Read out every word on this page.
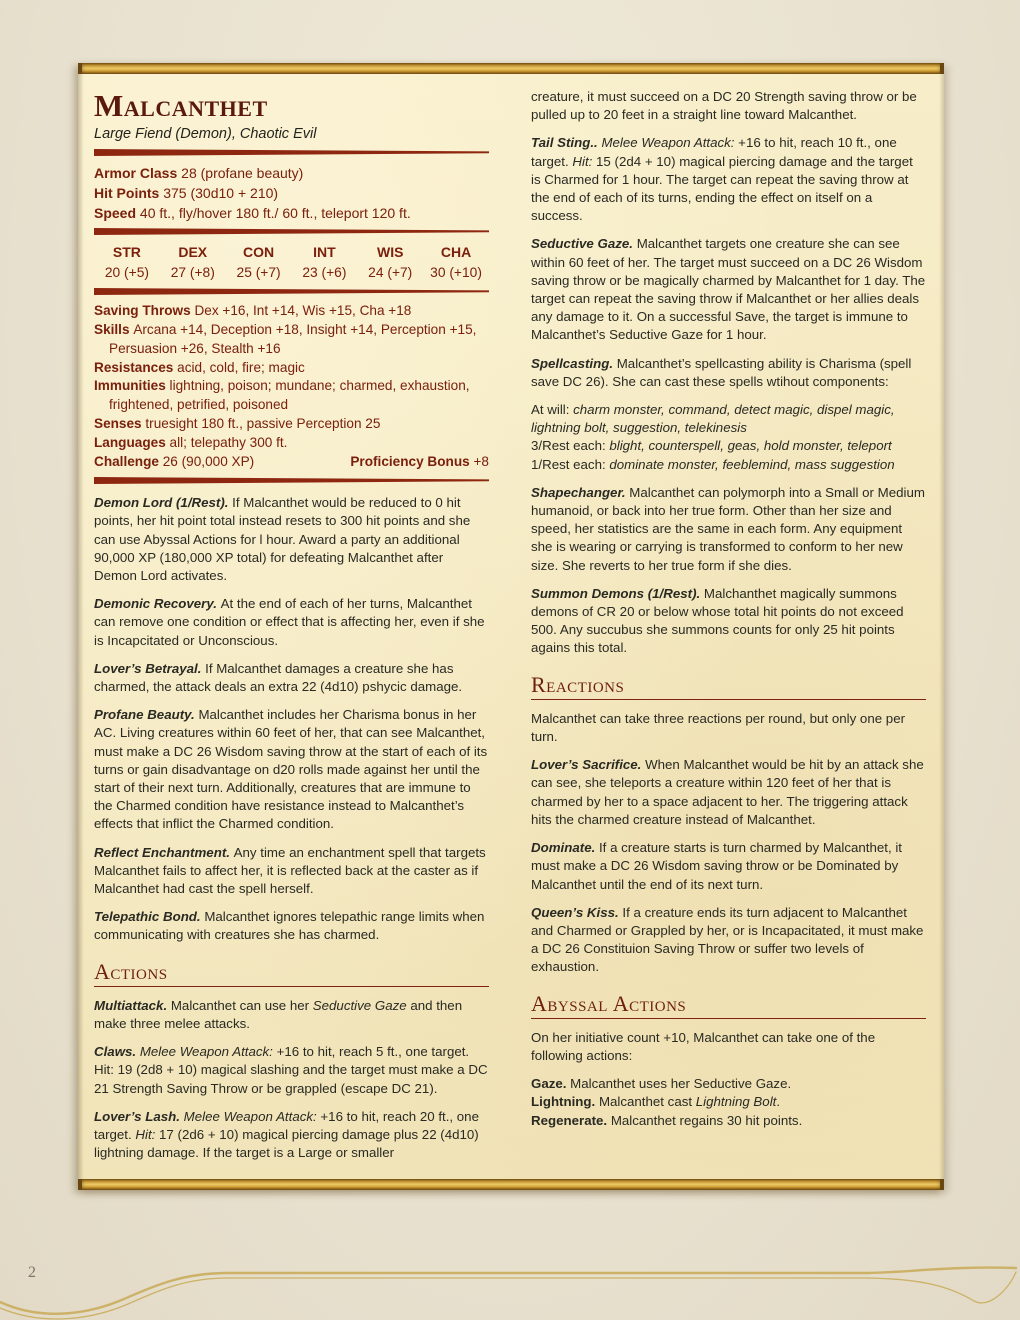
Malcanthet
Large Fiend (Demon), Chaotic Evil
Armor Class 28 (profane beauty)
Hit Points 375 (30d10 + 210)
Speed 40 ft., fly/hover 180 ft./ 60 ft., teleport 120 ft.
STR
20 (+5)
DEX
27 (+8)
CON
25 (+7)
INT
23 (+6)
WIS
24 (+7)
CHA
30 (+10)
Saving Throws Dex +16, Int +14, Wis +15, Cha +18
Skills Arcana +14, Deception +18, Insight +14, Perception +15, Persuasion +26, Stealth +16
Resistances acid, cold, fire; magic
Immunities lightning, poison; mundane; charmed, exhaustion, frightened, petrified, poisoned
Senses truesight 180 ft., passive Perception 25
Languages all; telepathy 300 ft.
Challenge 26 (90,000 XP)	Proficiency Bonus +8

Demon Lord (1/Rest). If Malcanthet would be reduced to 0 hit points, her hit point total instead resets to 300 hit points and she can use Abyssal Actions for l hour. Award a party an additional 90,000 XP (180,000 XP total) for defeating Malcanthet after Demon Lord activates.

Demonic Recovery. At the end of each of her turns, Malcanthet can remove one condition or effect that is affecting her, even if she is Incapcitated or Unconscious.

Lover’s Betrayal. If Malcanthet damages a creature she has charmed, the attack deals an extra 22 (4d10) pshycic damage.

Profane Beauty. Malcanthet includes her Charisma bonus in her AC. Living creatures within 60 feet of her, that can see Malcanthet, must make a DC 26 Wisdom saving throw at the start of each of its turns or gain disadvantage on d20 rolls made against her until the start of their next turn. Additionally, creatures that are immune to the Charmed condition have resistance instead to Malcanthet’s effects that inflict the Charmed condition.

Reflect Enchantment. Any time an enchantment spell that targets Malcanthet fails to affect her, it is reflected back at the caster as if Malcanthet had cast the spell herself.

Telepathic Bond. Malcanthet ignores telepathic range limits when communicating with creatures she has charmed.

Actions

Multiattack. Malcanthet can use her Seductive Gaze and then make three melee attacks.

Claws. Melee Weapon Attack: +16 to hit, reach 5 ft., one target. Hit: 19 (2d8 + 10) magical slashing and the target must make a DC 21 Strength Saving Throw or be grappled (escape DC 21).

Lover’s Lash. Melee Weapon Attack: +16 to hit, reach 20 ft., one target. Hit: 17 (2d6 + 10) magical piercing damage plus 22 (4d10) lightning damage. If the target is a Large or smaller

creature, it must succeed on a DC 20 Strength saving throw or be pulled up to 20 feet in a straight line toward Malcanthet.

Tail Sting.. Melee Weapon Attack: +16 to hit, reach 10 ft., one target. Hit: 15 (2d4 + 10) magical piercing damage and the target is Charmed for 1 hour. The target can repeat the saving throw at the end of each of its turns, ending the effect on itself on a success.

Seductive Gaze. Malcanthet targets one creature she can see within 60 feet of her. The target must succeed on a DC 26 Wisdom saving throw or be magically charmed by Malcanthet for 1 day. The target can repeat the saving throw if Malcanthet or her allies deals any damage to it. On a successful Save, the target is immune to Malcanthet’s Seductive Gaze for 1 hour.

Spellcasting. Malcanthet’s spellcasting ability is Charisma (spell save DC 26). She can cast these spells wtihout components:

At will: charm monster, command, detect magic, dispel magic, lightning bolt, suggestion, telekinesis

3/Rest each: blight, counterspell, geas, hold monster, teleport

1/Rest each: dominate monster, feeblemind, mass suggestion

Shapechanger. Malcanthet can polymorph into a Small or Medium humanoid, or back into her true form. Other than her size and speed, her statistics are the same in each form. Any equipment she is wearing or carrying is transformed to conform to her new size. She reverts to her true form if she dies.

Summon Demons (1/Rest). Malchanthet magically summons demons of CR 20 or below whose total hit points do not exceed 500. Any succubus she summons counts for only 25 hit points agains this total.

Reactions

Malcanthet can take three reactions per round, but only one per turn.

Lover’s Sacrifice. When Malcanthet would be hit by an attack she can see, she teleports a creature within 120 feet of her that is charmed by her to a space adjacent to her. The triggering attack hits the charmed creature instead of Malcanthet.

Dominate. If a creature starts is turn charmed by Malcanthet, it must make a DC 26 Wisdom saving throw or be Dominated by Malcanthet until the end of its next turn.

Queen’s Kiss. If a creature ends its turn adjacent to Malcanthet and Charmed or Grappled by her, or is Incapacitated, it must make a DC 26 Constituion Saving Throw or suffer two levels of exhaustion.

Abyssal Actions

On her initiative count +10, Malcanthet can take one of the following actions:

Gaze. Malcanthet uses her Seductive Gaze.

Lightning. Malcanthet cast Lightning Bolt.

Regenerate. Malcanthet regains 30 hit points.

2
